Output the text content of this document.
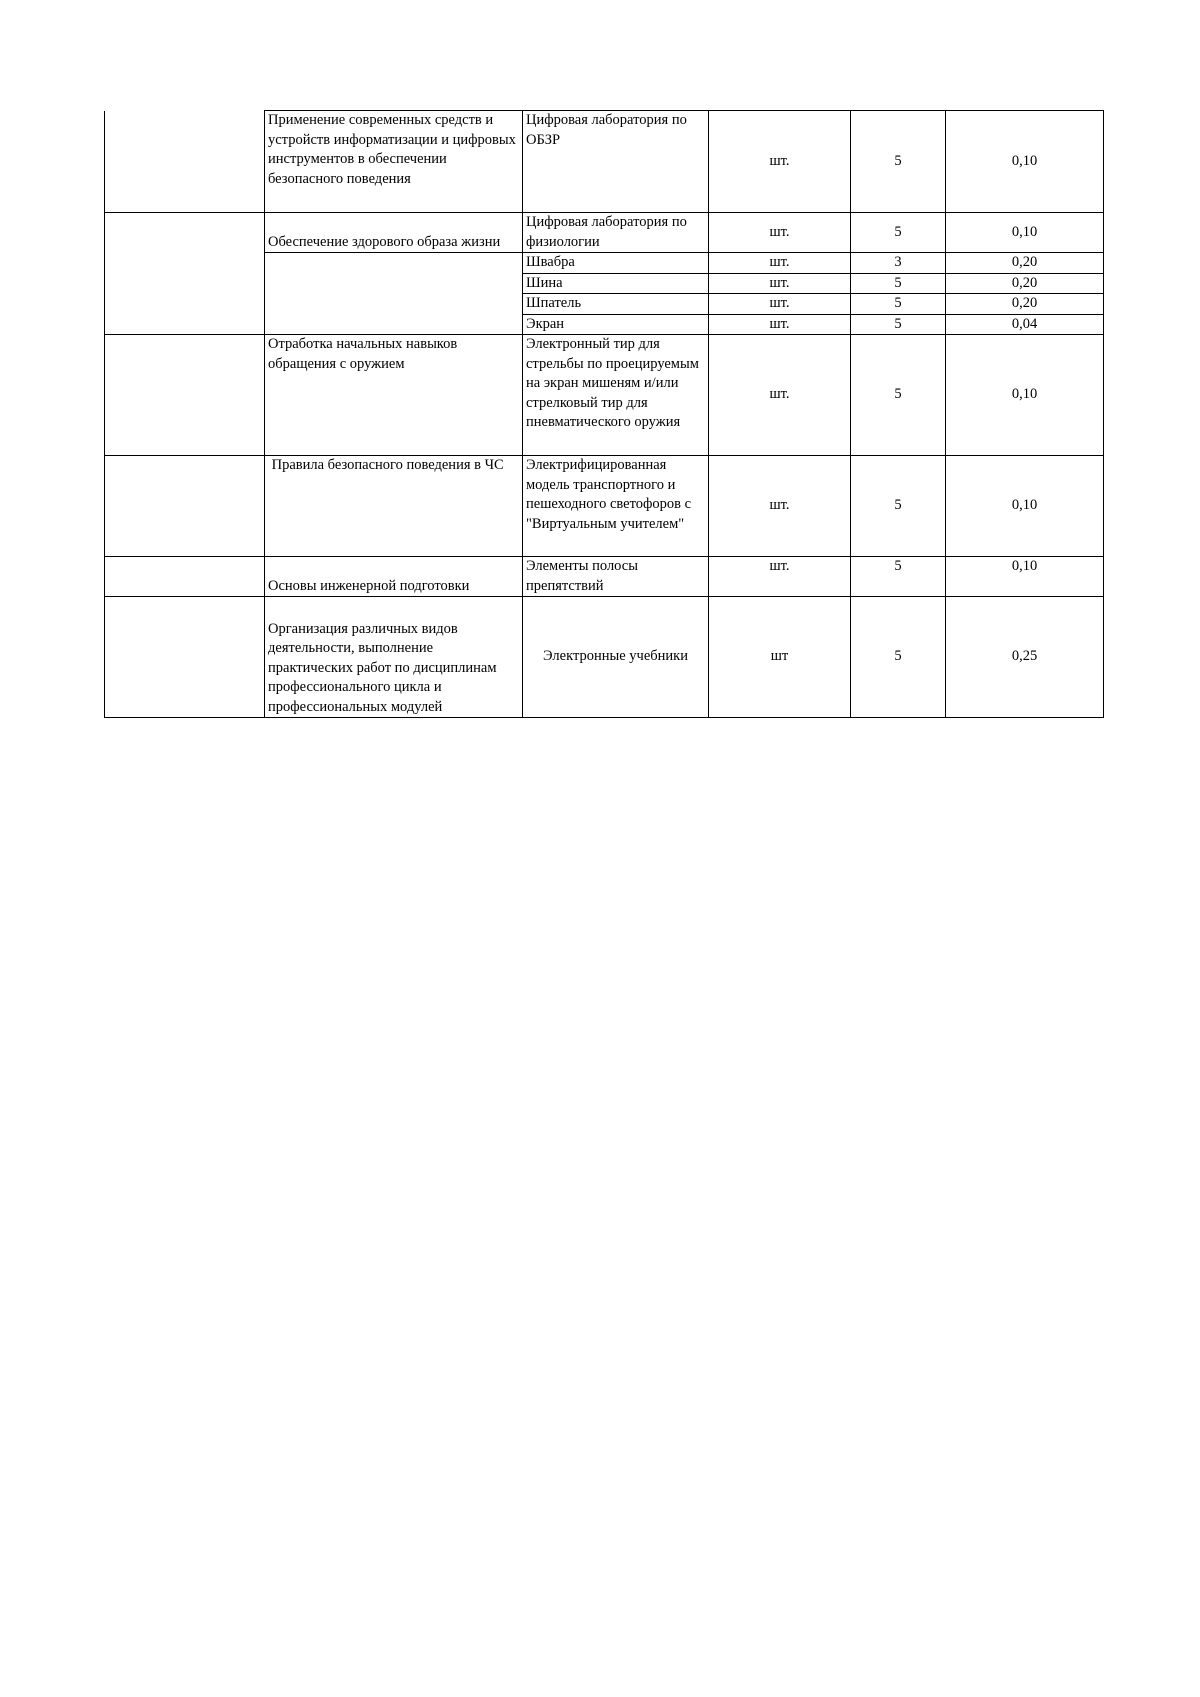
	Применение современных средств и устройств информатизации и цифровых инструментов в обеспечении безопасного поведения	Цифровая лаборатория по ОБЗР	шт.	5	0,10
	Обеспечение здорового образа жизни	Цифровая лаборатория по физиологии	шт.	5	0,10
		Швабра	шт.	3	0,20
		Шина	шт.	5	0,20
		Шпатель	шт.	5	0,20
		Экран	шт.	5	0,04
	Отработка начальных навыков обращения с оружием	Электронный тир для стрельбы по проецируемым на экран мишеням и/или стрелковый тир для пневматического оружия	шт.	5	0,10
	Правила безопасного поведения в ЧС	Электрифицированная модель транспортного и пешеходного светофоров с "Виртуальным учителем"	шт.	5	0,10
	Основы инженерной подготовки	Элементы полосы препятствий	шт.	5	0,10
	Организация различных видов деятельности, выполнение практических работ по дисциплинам профессионального цикла и профессиональных модулей	Электронные учебники	шт	5	0,25
